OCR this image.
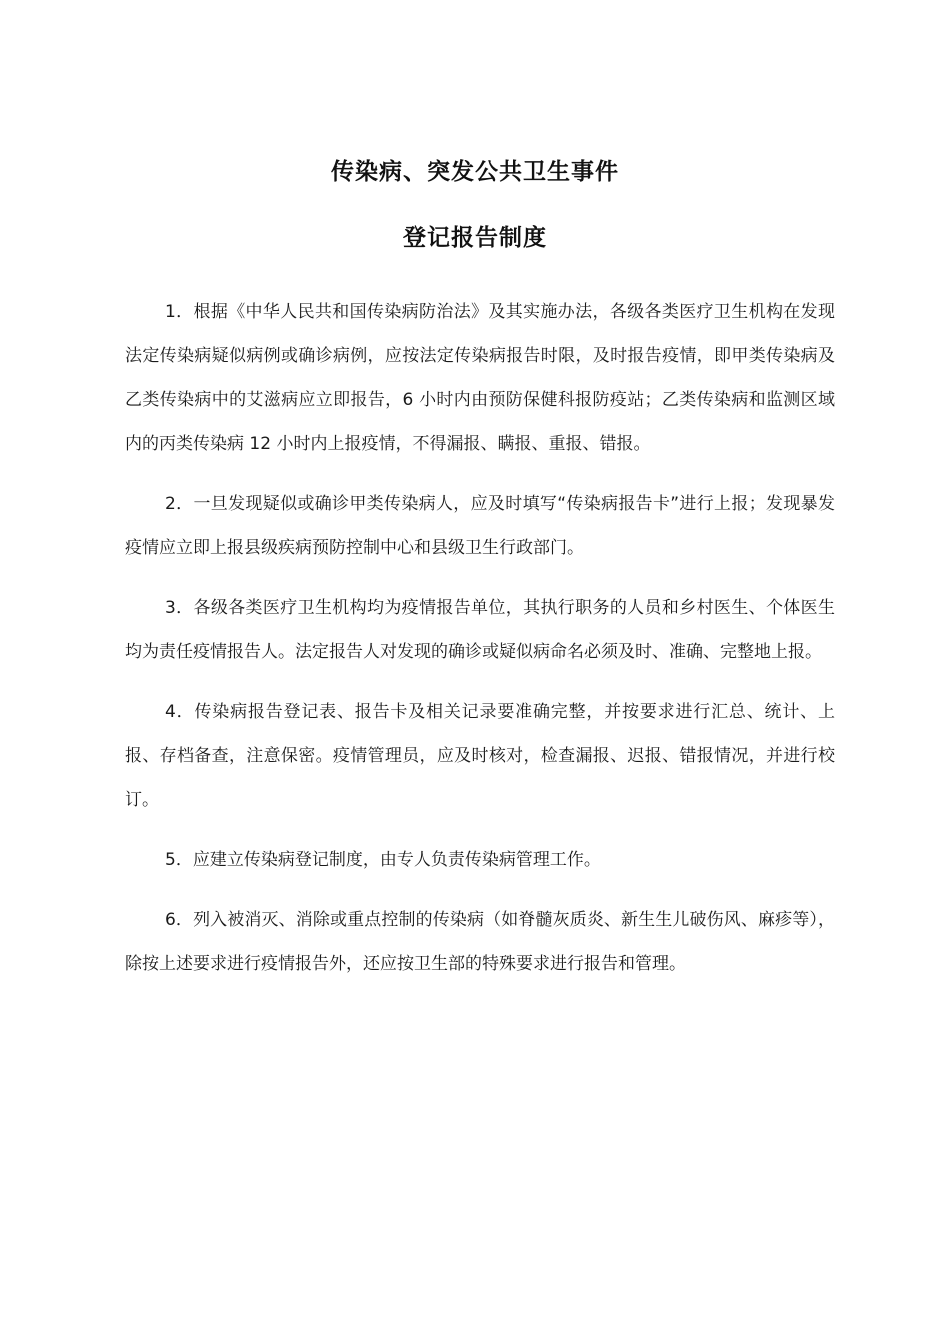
传染病、突发公共卫生事件
登记报告制度

1．根据《中华人民共和国传染病防治法》及其实施办法，各级各类医疗卫生机构在发现法定传染病疑似病例或确诊病例，应按法定传染病报告时限，及时报告疫情，即甲类传染病及乙类传染病中的艾滋病应立即报告，6 小时内由预防保健科报防疫站；乙类传染病和监测区域内的丙类传染病 12 小时内上报疫情，不得漏报、瞒报、重报、错报。

2．一旦发现疑似或确诊甲类传染病人，应及时填写“传染病报告卡”进行上报；发现暴发疫情应立即上报县级疾病预防控制中心和县级卫生行政部门。

3．各级各类医疗卫生机构均为疫情报告单位，其执行职务的人员和乡村医生、个体医生均为责任疫情报告人。法定报告人对发现的确诊或疑似病命名必须及时、准确、完整地上报。

4．传染病报告登记表、报告卡及相关记录要准确完整，并按要求进行汇总、统计、上报、存档备查，注意保密。疫情管理员，应及时核对，检查漏报、迟报、错报情况，并进行校订。

5．应建立传染病登记制度，由专人负责传染病管理工作。

6．列入被消灭、消除或重点控制的传染病（如脊髓灰质炎、新生生儿破伤风、麻疹等），除按上述要求进行疫情报告外，还应按卫生部的特殊要求进行报告和管理。
